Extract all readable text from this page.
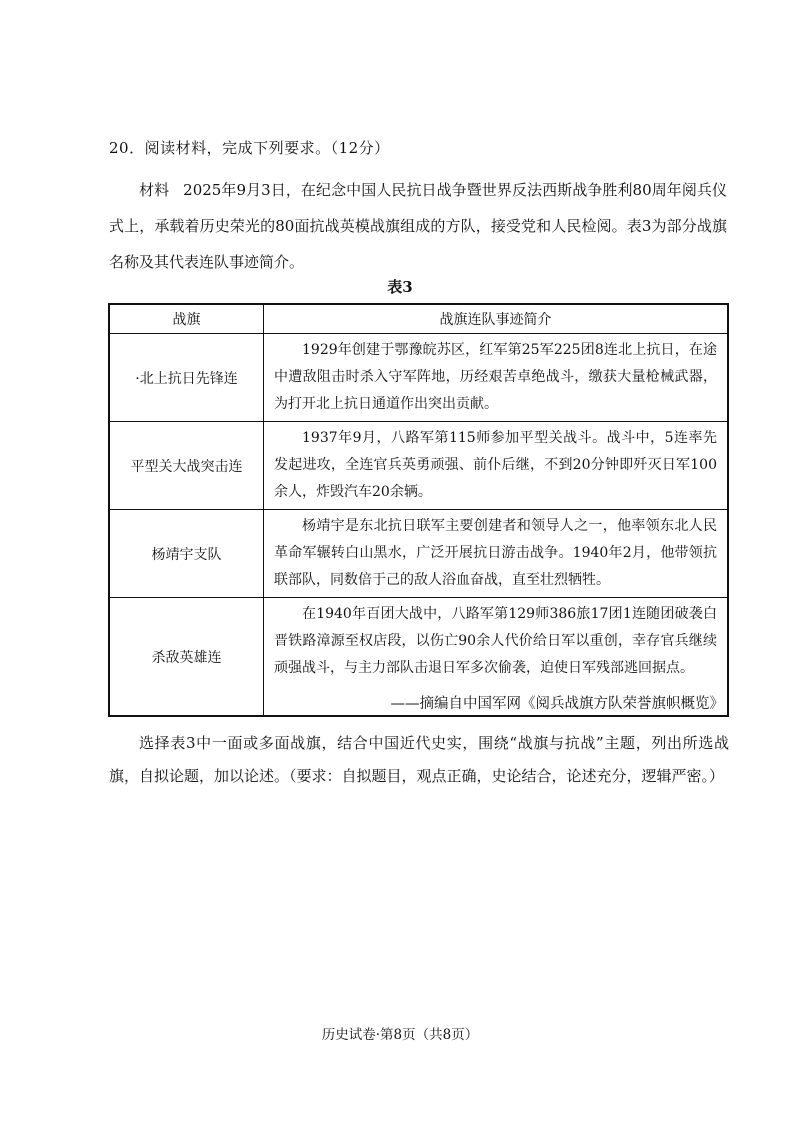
20．阅读材料，完成下列要求。（12分）
材料 2025年9月3日，在纪念中国人民抗日战争暨世界反法西斯战争胜利80周年阅兵仪式上，承载着历史荣光的80面抗战英模战旗组成的方队，接受党和人民检阅。表3为部分战旗名称及其代表连队事迹简介。
表3
战旗	战旗连队事迹简介
·北上抗日先锋连	1929年创建于鄂豫皖苏区，红军第25军225团8连北上抗日，在途中遭敌阻击时杀入守军阵地，历经艰苦卓绝战斗，缴获大量枪械武器，为打开北上抗日通道作出突出贡献。
平型关大战突击连	1937年9月，八路军第115师参加平型关战斗。战斗中，5连率先发起进攻，全连官兵英勇顽强、前仆后继，不到20分钟即歼灭日军100余人，炸毁汽车20余辆。
杨靖宇支队	杨靖宇是东北抗日联军主要创建者和领导人之一，他率领东北人民革命军辗转白山黑水，广泛开展抗日游击战争。1940年2月，他带领抗联部队，同数倍于己的敌人浴血奋战，直至壮烈牺牲。
杀敌英雄连	在1940年百团大战中，八路军第129师386旅17团1连随团破袭白晋铁路漳源至权店段，以伤亡90余人代价给日军以重创，幸存官兵继续顽强战斗，与主力部队击退日军多次偷袭，迫使日军残部逃回据点。
——摘编自中国军网《阅兵战旗方队荣誉旗帜概览》
选择表3中一面或多面战旗，结合中国近代史实，围绕“战旗与抗战”主题，列出所选战旗，自拟论题，加以论述。（要求：自拟题目，观点正确，史论结合，论述充分，逻辑严密。）
历史试卷·第8页（共8页）
